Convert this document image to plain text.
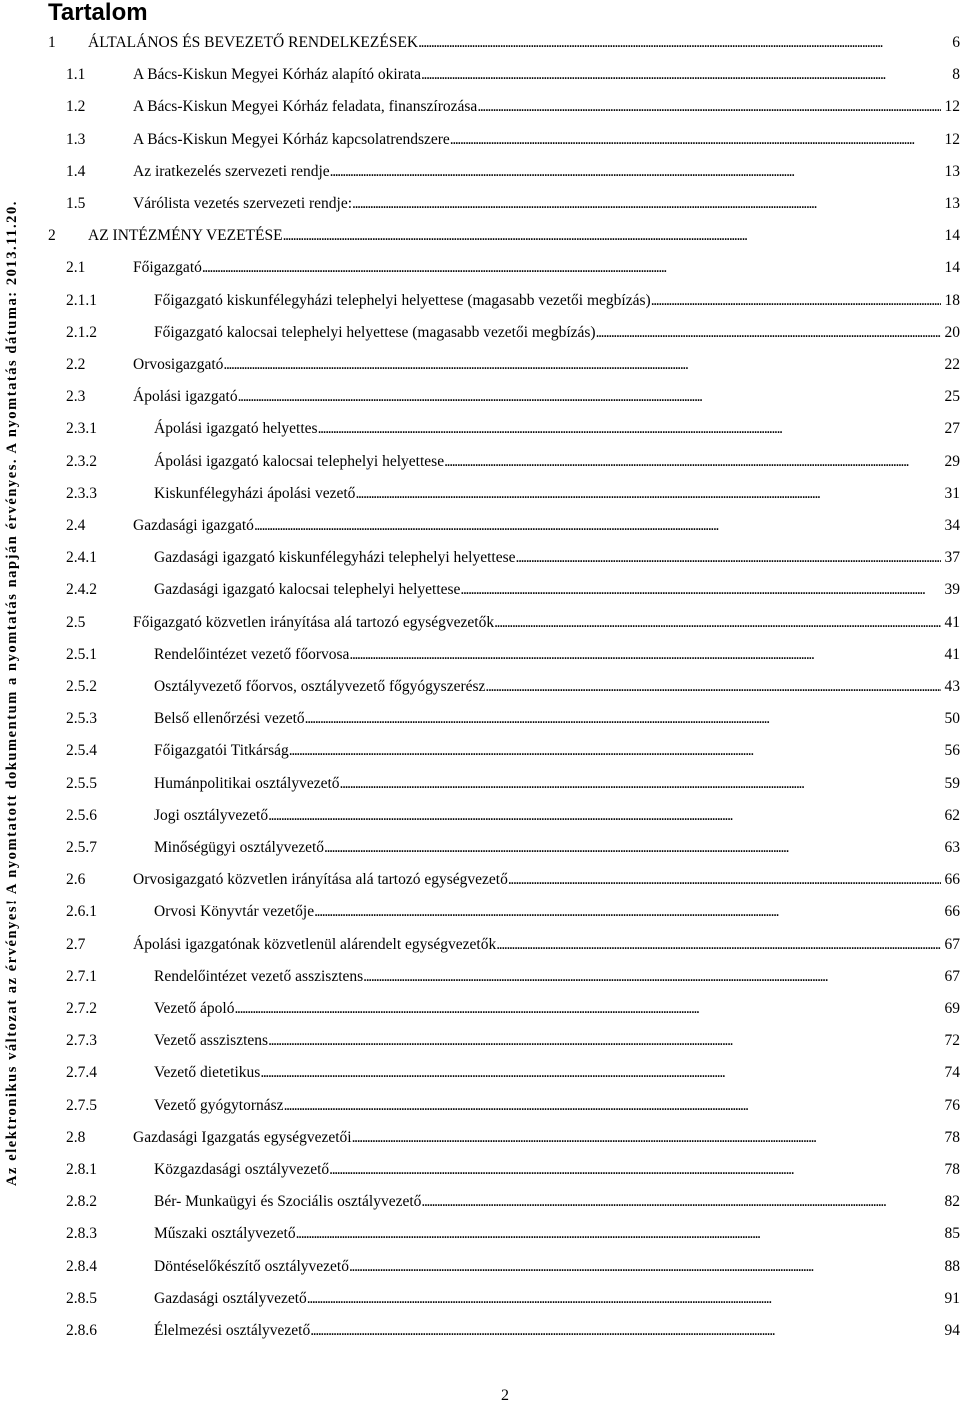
Az elektronikus változat az érvényes! A nyomtatott dokumentum a nyomtatás napján érvényes. A nyomtatás dátuma: 2013.11.20.
Tartalom
1	ÁLTALÁNOS ÉS BEVEZETŐ RENDELKEZÉSEK . . .	6
1.1	A Bács-Kiskun Megyei Kórház alapító okirata . . .	8
1.2	A Bács-Kiskun Megyei Kórház feladata, finanszírozása . . .	12
1.3	A Bács-Kiskun Megyei Kórház kapcsolatrendszere . . .	12
1.4	Az iratkezelés szervezeti rendje . . .	13
1.5	Várólista vezetés szervezeti rendje: . . .	13
2	AZ INTÉZMÉNY VEZETÉSE . . .	14
2.1	Főigazgató . . .	14
2.1.1	Főigazgató kiskunfélegyházi telephelyi helyettese (magasabb vezetői megbízás) . . .	18
2.1.2	Főigazgató kalocsai telephelyi helyettese (magasabb vezetői megbízás) . . .	20
2.2	Orvosigazgató . . .	22
2.3	Ápolási igazgató . . .	25
2.3.1	Ápolási igazgató helyettes . . .	27
2.3.2	Ápolási igazgató kalocsai telephelyi helyettese . . .	29
2.3.3	Kiskunfélegyházi ápolási vezető . . .	31
2.4	Gazdasági igazgató . . .	34
2.4.1	Gazdasági igazgató kiskunfélegyházi telephelyi helyettese . . .	37
2.4.2	Gazdasági igazgató kalocsai telephelyi helyettese . . .	39
2.5	Főigazgató közvetlen irányítása alá tartozó egységvezetők . . .	41
2.5.1	Rendelőintézet vezető főorvosa . . .	41
2.5.2	Osztályvezető főorvos, osztályvezető főgyógyszerész . . .	43
2.5.3	Belső ellenőrzési vezető . . .	50
2.5.4	Főigazgatói Titkárság . . .	56
2.5.5	Humánpolitikai osztályvezető . . .	59
2.5.6	Jogi osztályvezető . . .	62
2.5.7	Minőségügyi osztályvezető . . .	63
2.6	Orvosigazgató közvetlen irányítása alá tartozó egységvezető . . .	66
2.6.1	Orvosi Könyvtár vezetője . . .	66
2.7	Ápolási igazgatónak közvetlenül alárendelt egységvezetők . . .	67
2.7.1	Rendelőintézet vezető asszisztens . . .	67
2.7.2	Vezető ápoló . . .	69
2.7.3	Vezető asszisztens . . .	72
2.7.4	Vezető dietetikus . . .	74
2.7.5	Vezető gyógytornász . . .	76
2.8	Gazdasági Igazgatás egységvezetői . . .	78
2.8.1	Közgazdasági osztályvezető . . .	78
2.8.2	Bér- Munkaügyi és Szociális osztályvezető . . .	82
2.8.3	Műszaki osztályvezető . . .	85
2.8.4	Döntéselőkészítő osztályvezető . . .	88
2.8.5	Gazdasági osztályvezető . . .	91
2.8.6	Élelmezési osztályvezető . . .	94
2
